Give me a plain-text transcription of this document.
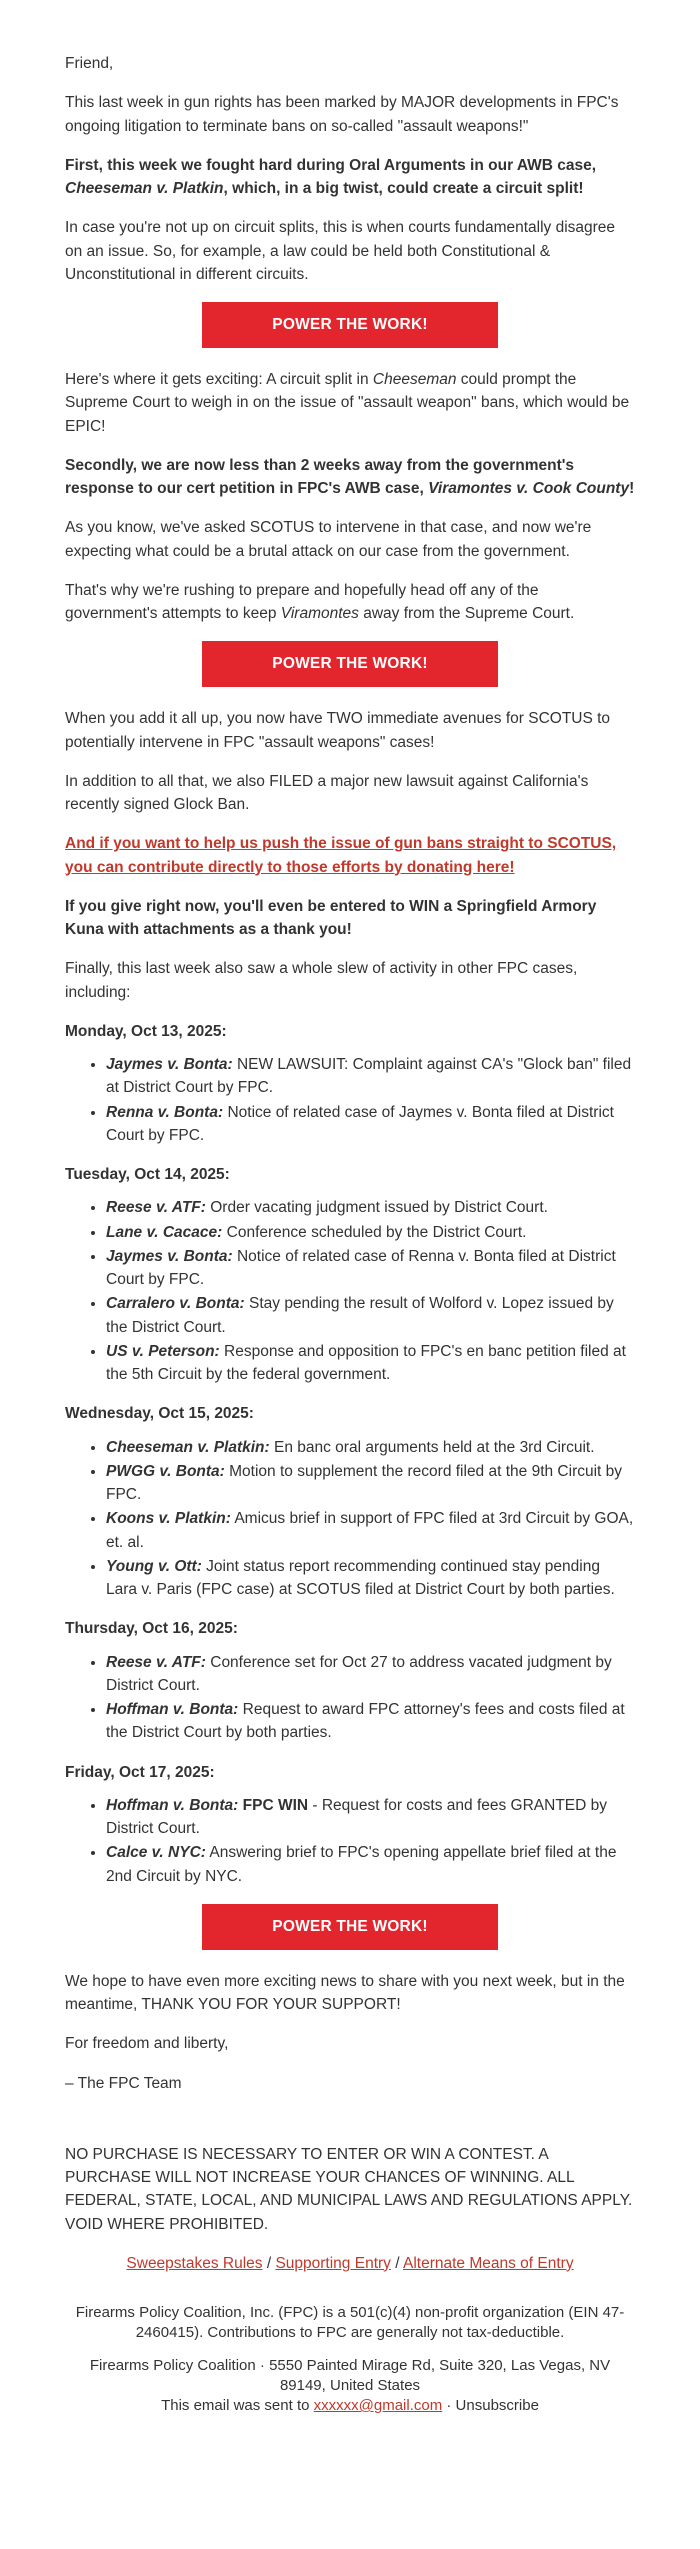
Friend,

This last week in gun rights has been marked by MAJOR developments in FPC's ongoing litigation to terminate bans on so-called "assault weapons!"

First, this week we fought hard during Oral Arguments in our AWB case, Cheeseman v. Platkin, which, in a big twist, could create a circuit split!

In case you're not up on circuit splits, this is when courts fundamentally disagree on an issue. So, for example, a law could be held both Constitutional & Unconstitutional in different circuits.

POWER THE WORK!

Here's where it gets exciting: A circuit split in Cheeseman could prompt the Supreme Court to weigh in on the issue of "assault weapon" bans, which would be EPIC!

Secondly, we are now less than 2 weeks away from the government's response to our cert petition in FPC's AWB case, Viramontes v. Cook County!

As you know, we've asked SCOTUS to intervene in that case, and now we're expecting what could be a brutal attack on our case from the government.

That's why we're rushing to prepare and hopefully head off any of the government's attempts to keep Viramontes away from the Supreme Court.

POWER THE WORK!

When you add it all up, you now have TWO immediate avenues for SCOTUS to potentially intervene in FPC "assault weapons" cases!

In addition to all that, we also FILED a major new lawsuit against California's recently signed Glock Ban.

And if you want to help us push the issue of gun bans straight to SCOTUS, you can contribute directly to those efforts by donating here!

If you give right now, you'll even be entered to WIN a Springfield Armory Kuna with attachments as a thank you!

Finally, this last week also saw a whole slew of activity in other FPC cases, including:

Monday, Oct 13, 2025:

• Jaymes v. Bonta: NEW LAWSUIT: Complaint against CA's "Glock ban" filed at District Court by FPC.
• Renna v. Bonta: Notice of related case of Jaymes v. Bonta filed at District Court by FPC.

Tuesday, Oct 14, 2025:

• Reese v. ATF: Order vacating judgment issued by District Court.
• Lane v. Cacace: Conference scheduled by the District Court.
• Jaymes v. Bonta: Notice of related case of Renna v. Bonta filed at District Court by FPC.
• Carralero v. Bonta: Stay pending the result of Wolford v. Lopez issued by the District Court.
• US v. Peterson: Response and opposition to FPC's en banc petition filed at the 5th Circuit by the federal government.

Wednesday, Oct 15, 2025:

• Cheeseman v. Platkin: En banc oral arguments held at the 3rd Circuit.
• PWGG v. Bonta: Motion to supplement the record filed at the 9th Circuit by FPC.
• Koons v. Platkin: Amicus brief in support of FPC filed at 3rd Circuit by GOA, et. al.
• Young v. Ott: Joint status report recommending continued stay pending Lara v. Paris (FPC case) at SCOTUS filed at District Court by both parties.

Thursday, Oct 16, 2025:

• Reese v. ATF: Conference set for Oct 27 to address vacated judgment by District Court.
• Hoffman v. Bonta: Request to award FPC attorney's fees and costs filed at the District Court by both parties.

Friday, Oct 17, 2025:

• Hoffman v. Bonta: FPC WIN - Request for costs and fees GRANTED by District Court.
• Calce v. NYC: Answering brief to FPC's opening appellate brief filed at the 2nd Circuit by NYC.
POWER THE WORK!

We hope to have even more exciting news to share with you next week, but in the meantime, THANK YOU FOR YOUR SUPPORT!

For freedom and liberty,

– The FPC Team

NO PURCHASE IS NECESSARY TO ENTER OR WIN A CONTEST. A PURCHASE WILL NOT INCREASE YOUR CHANCES OF WINNING. ALL FEDERAL, STATE, LOCAL, AND MUNICIPAL LAWS AND REGULATIONS APPLY. VOID WHERE PROHIBITED.

Sweepstakes Rules / Supporting Entry / Alternate Means of Entry

Firearms Policy Coalition, Inc. (FPC) is a 501(c)(4) non-profit organization (EIN 47-2460415). Contributions to FPC are generally not tax-deductible.

Firearms Policy Coalition · 5550 Painted Mirage Rd, Suite 320, Las Vegas, NV 89149, United States
This email was sent to xxxxxx@gmail.com · Unsubscribe
